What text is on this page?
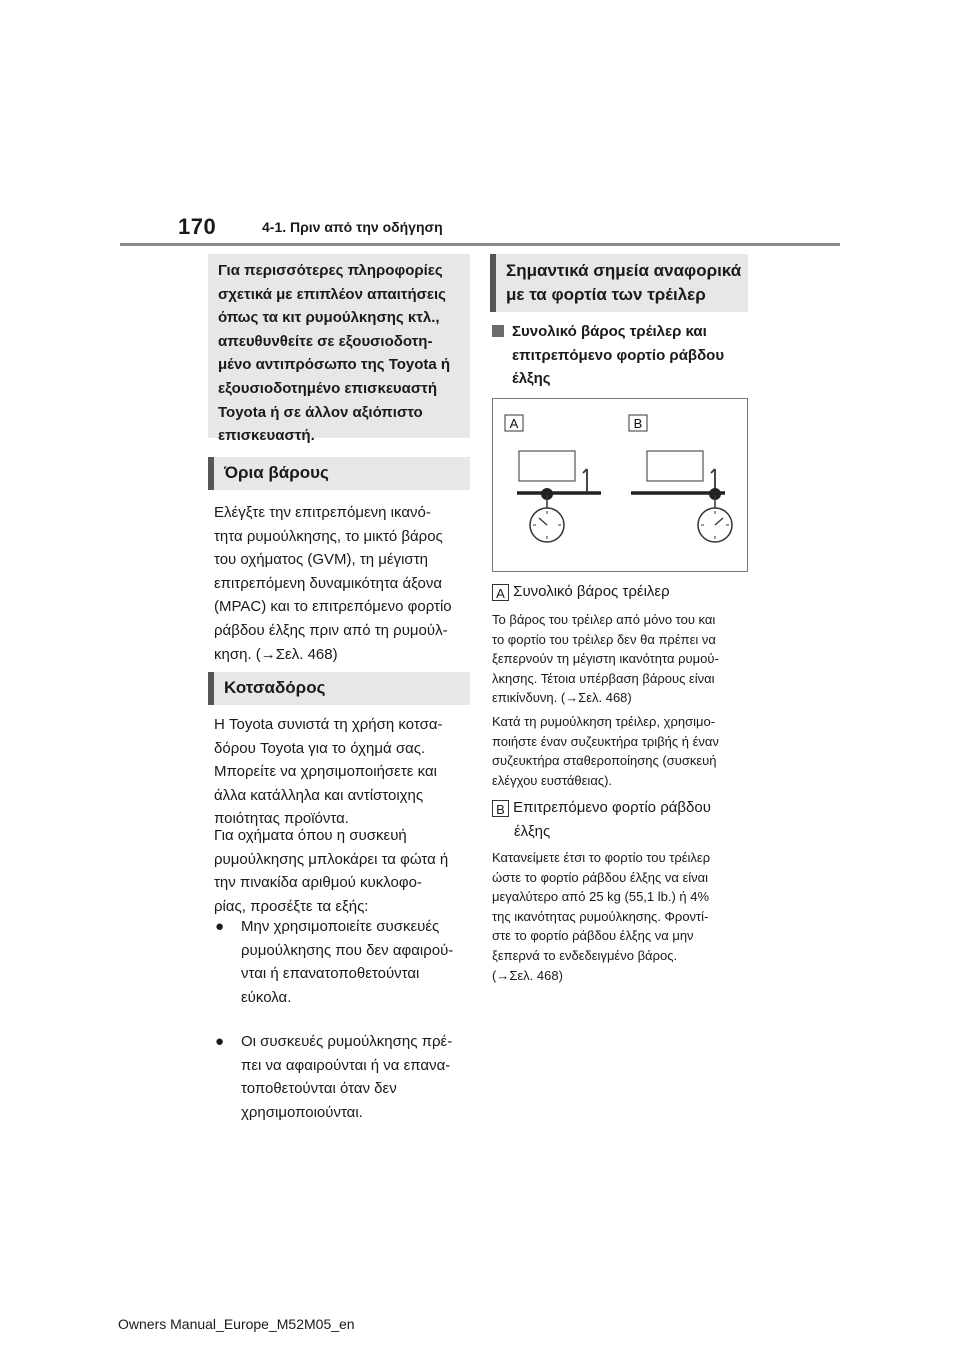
170	4-1. Πριν από την οδήγηση

Για περισσότερες πληροφορίες
σχετικά με επιπλέον απαιτήσεις
όπως τα κιτ ρυμούλκησης κτλ.,
απευθυνθείτε σε εξουσιοδοτη-
μένο αντιπρόσωπο της Toyota ή
εξουσιοδοτημένο επισκευαστή
Toyota ή σε άλλον αξιόπιστο
επισκευαστή.

Όρια βάρους

Ελέγξτε την επιτρεπόμενη ικανό-
τητα ρυμούλκησης, το μικτό βάρος
του οχήματος (GVM), τη μέγιστη
επιτρεπόμενη δυναμικότητα άξονα
(MPAC) και το επιτρεπόμενο φορτίο
ράβδου έλξης πριν από τη ρυμούλ-
κηση. (→Σελ. 468)

Κοτσαδόρος

Η Toyota συνιστά τη χρήση κοτσα-
δόρου Toyota για το όχημά σας.
Μπορείτε να χρησιμοποιήσετε και
άλλα κατάλληλα και αντίστοιχης
ποιότητας προϊόντα.

Για οχήματα όπου η συσκευή
ρυμούλκησης μπλοκάρει τα φώτα ή
την πινακίδα αριθμού κυκλοφο-
ρίας, προσέξτε τα εξής:

●	Μην χρησιμοποιείτε συσκευές
ρυμούλκησης που δεν αφαιρού-
νται ή επανατοποθετούνται
εύκολα.

●	Οι συσκευές ρυμούλκησης πρέ-
πει να αφαιρούνται ή να επανα-
τοποθετούνται όταν δεν
χρησιμοποιούνται.

Σημαντικά σημεία αναφορικά
με τα φορτία των τρέιλερ
Συνολικό βάρος τρέιλερ και
επιτρεπόμενο φορτίο ράβδου
έλξης
A	B
A Συνολικό βάρος τρέιλερ

Το βάρος του τρέιλερ από μόνο του και
το φορτίο του τρέιλερ δεν θα πρέπει να
ξεπερνούν τη μέγιστη ικανότητα ρυμού-
λκησης. Τέτοια υπέρβαση βάρους είναι
επικίνδυνη. (→Σελ. 468)

Κατά τη ρυμούλκηση τρέιλερ, χρησιμο-
ποιήστε έναν συζευκτήρα τριβής ή έναν
συζευκτήρα σταθεροποίησης (συσκευή
ελέγχου ευστάθειας).

B Επιτρεπόμενο φορτίο ράβδου
έλξης

Κατανείμετε έτσι το φορτίο του τρέιλερ
ώστε το φορτίο ράβδου έλξης να είναι
μεγαλύτερο από 25 kg (55,1 lb.) ή 4%
της ικανότητας ρυμούλκησης. Φροντί-
στε το φορτίο ράβδου έλξης να μην
ξεπερνά το ενδεδειγμένο βάρος.
(→Σελ. 468)

Owners Manual_Europe_M52M05_en
